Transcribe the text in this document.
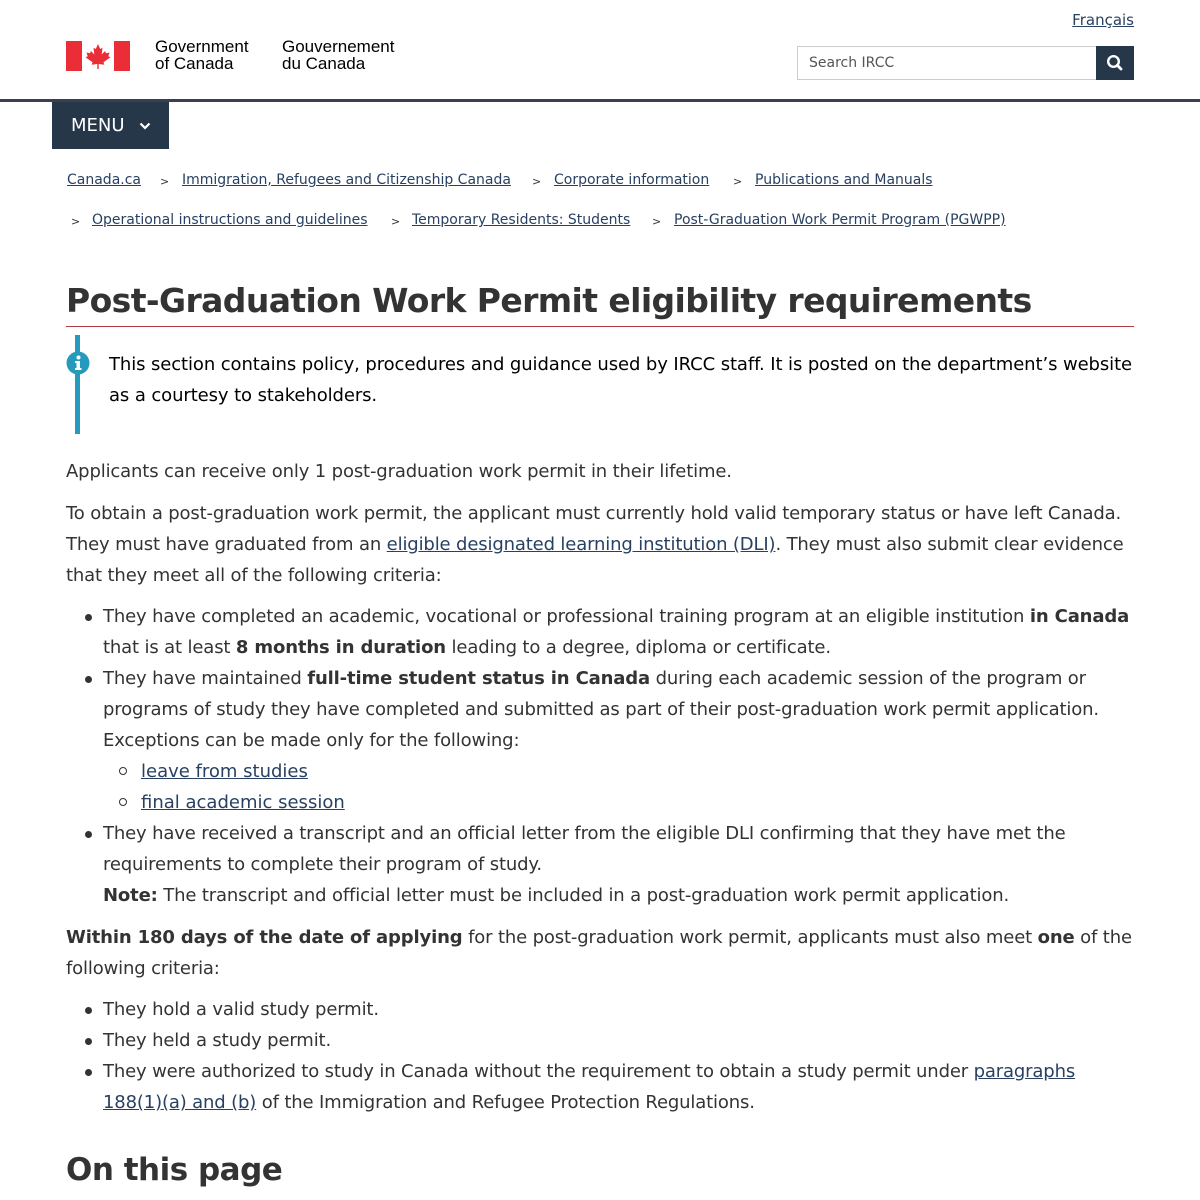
Français
Government
of Canada
Gouvernement
du Canada
Search IRCC
MENU
Canada.ca > Immigration, Refugees and Citizenship Canada > Corporate information > Publications and Manuals
> Operational instructions and guidelines > Temporary Residents: Students > Post-Graduation Work Permit Program (PGWPP)
Post-Graduation Work Permit eligibility requirements

This section contains policy, procedures and guidance used by IRCC staff. It is posted on the department’s website as a courtesy to stakeholders.

Applicants can receive only 1 post-graduation work permit in their lifetime.

To obtain a post-graduation work permit, the applicant must currently hold valid temporary status or have left Canada. They must have graduated from an eligible designated learning institution (DLI). They must also submit clear evidence that they meet all of the following criteria:

They have completed an academic, vocational or professional training program at an eligible institution in Canada that is at least 8 months in duration leading to a degree, diploma or certificate.

They have maintained full-time student status in Canada during each academic session of the program or programs of study they have completed and submitted as part of their post-graduation work permit application. Exceptions can be made only for the following:

leave from studies

final academic session

They have received a transcript and an official letter from the eligible DLI confirming that they have met the requirements to complete their program of study.
Note: The transcript and official letter must be included in a post-graduation work permit application.

Within 180 days of the date of applying for the post-graduation work permit, applicants must also meet one of the following criteria:

They hold a valid study permit.

They held a study permit.

They were authorized to study in Canada without the requirement to obtain a study permit under paragraphs 188(1)(a) and (b) of the Immigration and Refugee Protection Regulations.

On this page
